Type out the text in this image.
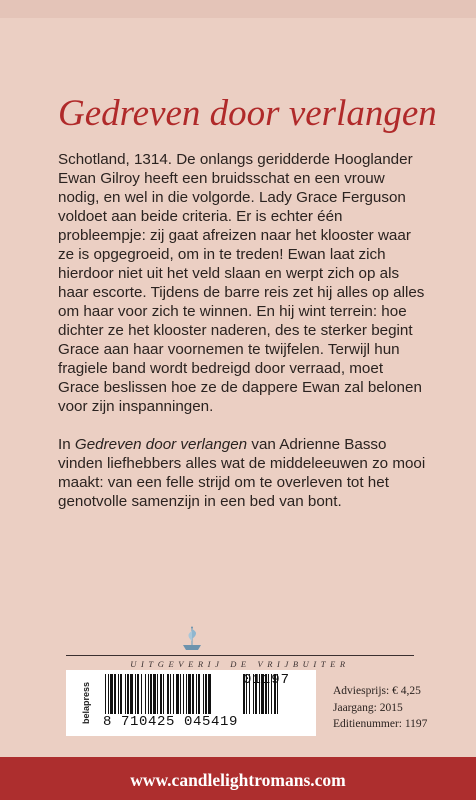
Gedreven door verlangen

Schotland, 1314. De onlangs geridderde Hooglander Ewan Gilroy heeft een bruidsschat en een vrouw nodig, en wel in die volgorde. Lady Grace Ferguson voldoet aan beide criteria. Er is echter één probleempje: zij gaat afreizen naar het klooster waar ze is opgegroeid, om in te treden! Ewan laat zich hierdoor niet uit het veld slaan en werpt zich op als haar escorte. Tijdens de barre reis zet hij alles op alles om haar voor zich te winnen. En hij wint terrein: hoe dichter ze het klooster naderen, des te sterker begint Grace aan haar voornemen te twijfelen. Terwijl hun fragiele band wordt bedreigd door verraad, moet Grace beslissen hoe ze de dappere Ewan zal belonen voor zijn inspanningen.

In Gedreven door verlangen van Adrienne Basso vinden liefhebbers alles wat de middeleeuwen zo mooi maakt: van een felle strijd om te overleven tot het genotvolle samenzijn in een bed van bont.

UITGEVERIJ DE VRIJBUITER
belapress 8 710425 045419
01197
Adviesprijs: € 4,25
Jaargang: 2015
Editienummer: 1197
www.candlelightromans.com
